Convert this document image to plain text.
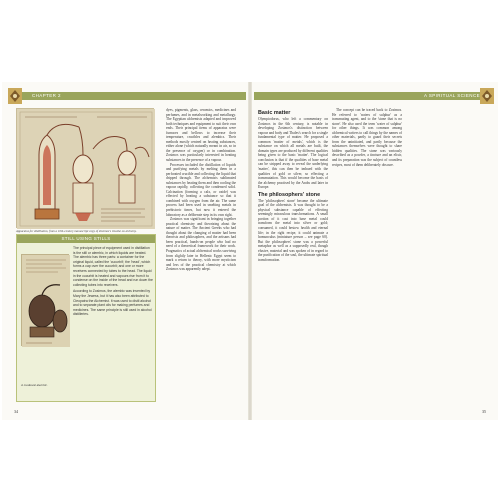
CHAPTER 2
Apparatus for distillation, from a 10th-century manuscript copy of Zosimos's treatise on alchemy.
STILL USING STILLS

The principal piece of equipment used in distillation is the still or alembic, in which liquids are heated. The alembic has three parts: a container for the original liquid, called the 'cucurbit'; the 'head', which forms a cap over the cucurbit; and one or more receivers connected by tubes to the head. The liquid in the cucurbit is heated and vapours rise from it to condense on the inside of the head and run down the collecting tubes into receivers.

According to Zosimos, the alembic was invented by Mary the Jewess, but it has also been attributed to Cleopatra the Alchemist. It was used to distil alcohol and to separate plant oils for making perfumes and medicines. The same principle is still used in alcohol distilleries.

A medieval alembic.

dyes, pigments, glass, ceramics, medicines and perfumes, and in metalworking and metallurgy. The Egyptian alchemists adapted and improved both techniques and equipment to suit their own ends. Their principal items of apparatus were furnaces and bellows to increase their temperature, crucibles and alembics. Their methods mostly centred on heating substances, either alone (which naturally meant in air, so in the presence of oxygen) or in combination. Zosimos was particularly interested in heating substances in the presence of a vapour.

Processes included the distillation of liquids and purifying metals by melting them in a perforated crucible and collecting the liquid that dripped through. The alchemists sublimated substances by heating them and then cooling the vapour rapidly, collecting the condensed solid. Calcination (forming a calx, or oxide) was effected by heating a substance so that it combined with oxygen from the air. The same process had been used in smelting metals in prehistoric times, but now it entered the laboratory as a deliberate step in its own right.

Zosimos was significant in bringing together practical chemistry and theorizing about the nature of matter. The Ancient Greeks who had thought about the changing of matter had been theorists and philosophers, and the artisans had been practical, hands-on people who had no need of a theoretical framework for their work. Pragmatics of actual alchemical works surviving from slightly later in Hellenic Egypt seem to mark a return to theory, with more mysticism and less of the practical chemistry at which Zosimos was apparently adept.

34
A SPIRITUAL SCIENCE
Basic matter

Olympiodorus, who left a commentary on Zosimos in the 6th century, is notable in developing Zosimos's distinction between vapour and body and Thales's search for a single fundamental type of matter. He proposed a common 'matter of metals', which is the substance on which all metals are built, the domain types are produced by different qualities being given to the basic 'matter'. The logical conclusion is that if the qualities of base metal can be stripped away to reveal the underlying 'matter', this can then be imbued with the qualities of gold or silver, so effecting a transmutation. This would become the basis of the alchemy practised by the Arabs and later in Europe.

The philosophers' stone

The 'philosophers' stone' became the ultimate goal of the alchemists. It was thought to be a physical substance capable of effecting seemingly miraculous transformations. A small portion of it cast into base metal could transform the metal into silver or gold; consumed, it could bestow health and eternal life; in the right recipe, it could animate a homunculus (miniature person – see page 60). But the philosophers' stone was a powerful metaphor as well as a supposedly real, though elusive, material and was spoken of in regard to the purification of the soul, the ultimate spiritual transformation.

The concept can be traced back to Zosimos. He referred to 'waters of sulphur' as a transmuting agent, and to the 'stone that is no stone'. He also used the term 'water of sulphur' for other things. It was common among alchemical writers to call things by the names of other materials, partly to guard their secrets from the uninitiated, and partly because the substances themselves were thought to share hidden qualities. The stone was variously described as a powder, a tincture and an elixir, and its preparation was the subject of countless recipes, most of them deliberately obscure.

35
